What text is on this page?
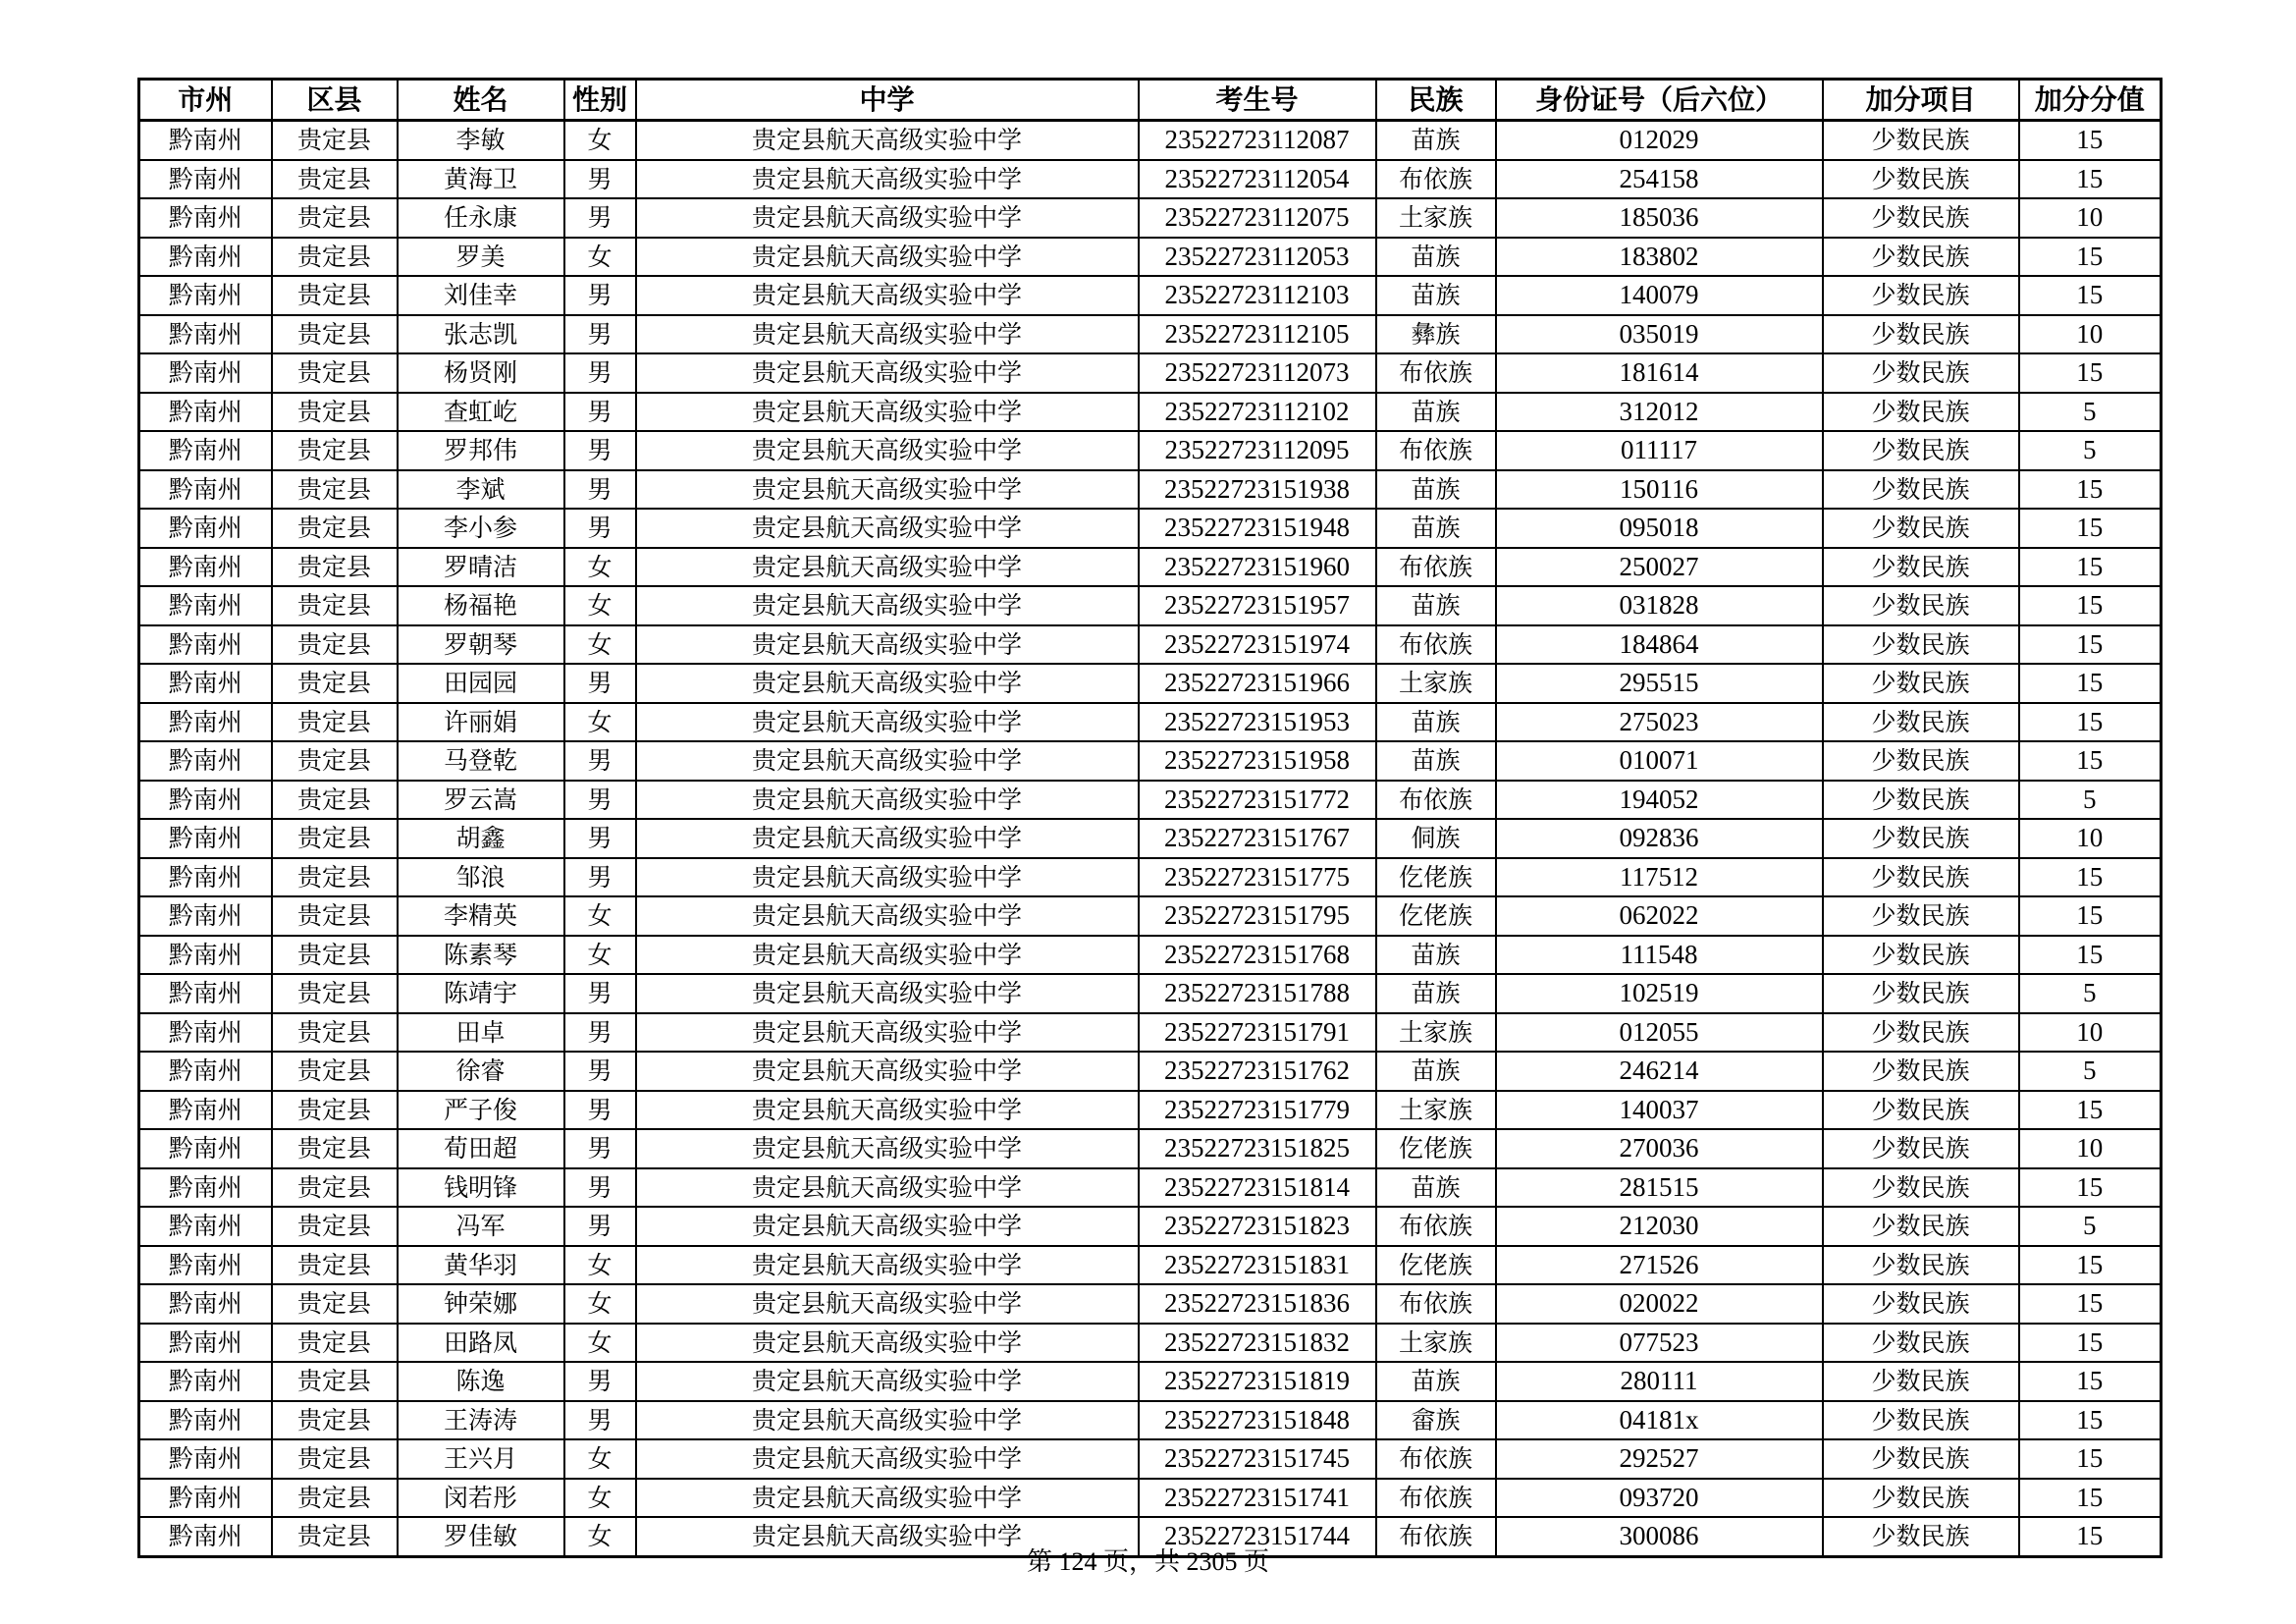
市州	区县	姓名	性别	中学	考生号	民族	身份证号（后六位）	加分项目	加分分值
黔南州	贵定县	李敏	女	贵定县航天高级实验中学	23522723112087	苗族	012029	少数民族	15
黔南州	贵定县	黄海卫	男	贵定县航天高级实验中学	23522723112054	布依族	254158	少数民族	15
黔南州	贵定县	任永康	男	贵定县航天高级实验中学	23522723112075	土家族	185036	少数民族	10
黔南州	贵定县	罗美	女	贵定县航天高级实验中学	23522723112053	苗族	183802	少数民族	15
黔南州	贵定县	刘佳幸	男	贵定县航天高级实验中学	23522723112103	苗族	140079	少数民族	15
黔南州	贵定县	张志凯	男	贵定县航天高级实验中学	23522723112105	彝族	035019	少数民族	10
黔南州	贵定县	杨贤刚	男	贵定县航天高级实验中学	23522723112073	布依族	181614	少数民族	15
黔南州	贵定县	查虹屹	男	贵定县航天高级实验中学	23522723112102	苗族	312012	少数民族	5
黔南州	贵定县	罗邦伟	男	贵定县航天高级实验中学	23522723112095	布依族	011117	少数民族	5
黔南州	贵定县	李斌	男	贵定县航天高级实验中学	23522723151938	苗族	150116	少数民族	15
黔南州	贵定县	李小参	男	贵定县航天高级实验中学	23522723151948	苗族	095018	少数民族	15
黔南州	贵定县	罗晴洁	女	贵定县航天高级实验中学	23522723151960	布依族	250027	少数民族	15
黔南州	贵定县	杨福艳	女	贵定县航天高级实验中学	23522723151957	苗族	031828	少数民族	15
黔南州	贵定县	罗朝琴	女	贵定县航天高级实验中学	23522723151974	布依族	184864	少数民族	15
黔南州	贵定县	田园园	男	贵定县航天高级实验中学	23522723151966	土家族	295515	少数民族	15
黔南州	贵定县	许丽娟	女	贵定县航天高级实验中学	23522723151953	苗族	275023	少数民族	15
黔南州	贵定县	马登乾	男	贵定县航天高级实验中学	23522723151958	苗族	010071	少数民族	15
黔南州	贵定县	罗云嵩	男	贵定县航天高级实验中学	23522723151772	布依族	194052	少数民族	5
黔南州	贵定县	胡鑫	男	贵定县航天高级实验中学	23522723151767	侗族	092836	少数民族	10
黔南州	贵定县	邹浪	男	贵定县航天高级实验中学	23522723151775	仡佬族	117512	少数民族	15
黔南州	贵定县	李精英	女	贵定县航天高级实验中学	23522723151795	仡佬族	062022	少数民族	15
黔南州	贵定县	陈素琴	女	贵定县航天高级实验中学	23522723151768	苗族	111548	少数民族	15
黔南州	贵定县	陈靖宇	男	贵定县航天高级实验中学	23522723151788	苗族	102519	少数民族	5
黔南州	贵定县	田卓	男	贵定县航天高级实验中学	23522723151791	土家族	012055	少数民族	10
黔南州	贵定县	徐睿	男	贵定县航天高级实验中学	23522723151762	苗族	246214	少数民族	5
黔南州	贵定县	严子俊	男	贵定县航天高级实验中学	23522723151779	土家族	140037	少数民族	15
黔南州	贵定县	荀田超	男	贵定县航天高级实验中学	23522723151825	仡佬族	270036	少数民族	10
黔南州	贵定县	钱明锋	男	贵定县航天高级实验中学	23522723151814	苗族	281515	少数民族	15
黔南州	贵定县	冯军	男	贵定县航天高级实验中学	23522723151823	布依族	212030	少数民族	5
黔南州	贵定县	黄华羽	女	贵定县航天高级实验中学	23522723151831	仡佬族	271526	少数民族	15
黔南州	贵定县	钟荣娜	女	贵定县航天高级实验中学	23522723151836	布依族	020022	少数民族	15
黔南州	贵定县	田路凤	女	贵定县航天高级实验中学	23522723151832	土家族	077523	少数民族	15
黔南州	贵定县	陈逸	男	贵定县航天高级实验中学	23522723151819	苗族	280111	少数民族	15
黔南州	贵定县	王涛涛	男	贵定县航天高级实验中学	23522723151848	畲族	04181x	少数民族	15
黔南州	贵定县	王兴月	女	贵定县航天高级实验中学	23522723151745	布依族	292527	少数民族	15
黔南州	贵定县	闵若彤	女	贵定县航天高级实验中学	23522723151741	布依族	093720	少数民族	15
黔南州	贵定县	罗佳敏	女	贵定县航天高级实验中学	23522723151744	布依族	300086	少数民族	15
第 124 页，共 2305 页
